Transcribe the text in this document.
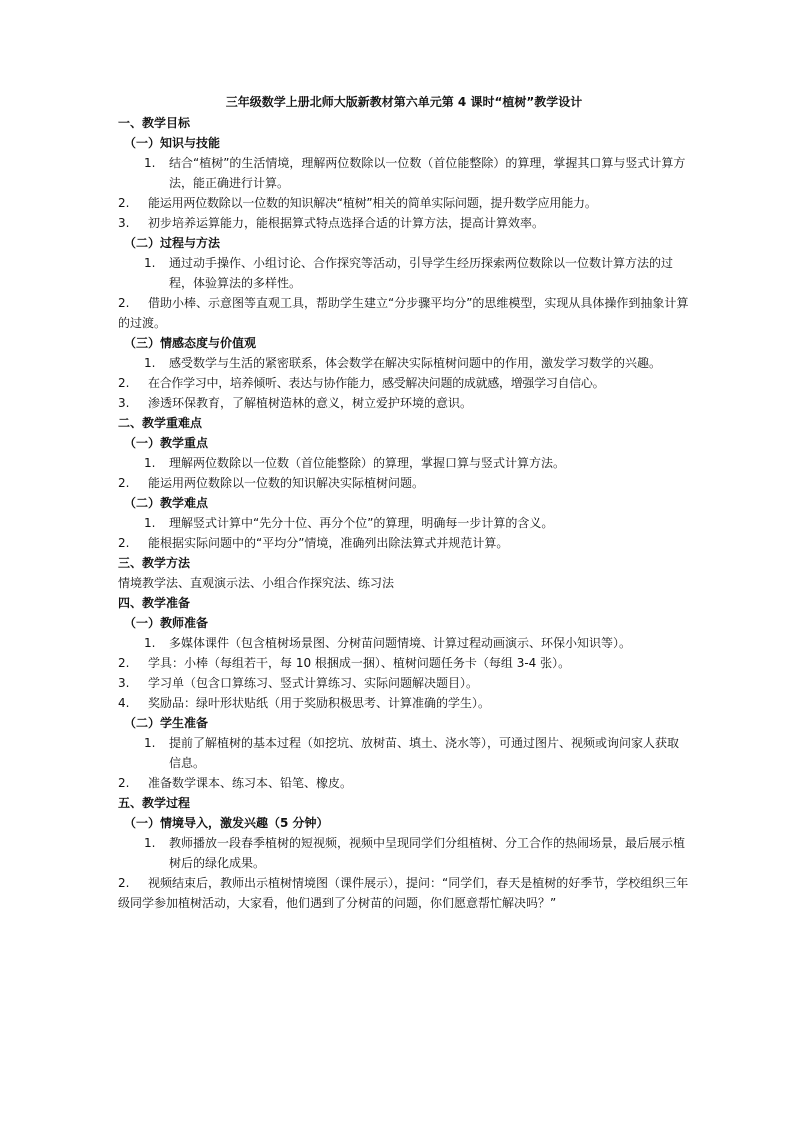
三年级数学上册北师大版新教材第六单元第 4 课时“植树”教学设计
一、教学目标
（一）知识与技能
1.	结合“植树”的生活情境，理解两位数除以一位数（首位能整除）的算理，掌握其口算与竖式计算方法，能正确进行计算。
2.	能运用两位数除以一位数的知识解决“植树”相关的简单实际问题，提升数学应用能力。
3.	初步培养运算能力，能根据算式特点选择合适的计算方法，提高计算效率。
（二）过程与方法
1.	通过动手操作、小组讨论、合作探究等活动，引导学生经历探索两位数除以一位数计算方法的过程，体验算法的多样性。
2. 借助小棒、示意图等直观工具，帮助学生建立“分步骤平均分”的思维模型，实现从具体操作到抽象计算的过渡。
（三）情感态度与价值观
1.	感受数学与生活的紧密联系，体会数学在解决实际植树问题中的作用，激发学习数学的兴趣。
2.	在合作学习中，培养倾听、表达与协作能力，感受解决问题的成就感，增强学习自信心。
3.	渗透环保教育，了解植树造林的意义，树立爱护环境的意识。
二、教学重难点
（一）教学重点
1.	理解两位数除以一位数（首位能整除）的算理，掌握口算与竖式计算方法。
2.	能运用两位数除以一位数的知识解决实际植树问题。
（二）教学难点
1.	理解竖式计算中“先分十位、再分个位”的算理，明确每一步计算的含义。
2.	能根据实际问题中的“平均分”情境，准确列出除法算式并规范计算。
三、教学方法
情境教学法、直观演示法、小组合作探究法、练习法
四、教学准备
（一）教师准备
1.	多媒体课件（包含植树场景图、分树苗问题情境、计算过程动画演示、环保小知识等）。
2.	学具：小棒（每组若干，每 10 根捆成一捆）、植树问题任务卡（每组 3-4 张）。
3.	学习单（包含口算练习、竖式计算练习、实际问题解决题目）。
4.	奖励品：绿叶形状贴纸（用于奖励积极思考、计算准确的学生）。
（二）学生准备
1.	提前了解植树的基本过程（如挖坑、放树苗、填土、浇水等），可通过图片、视频或询问家人获取信息。
2.	准备数学课本、练习本、铅笔、橡皮。
五、教学过程
（一）情境导入，激发兴趣（5 分钟）
1.	教师播放一段春季植树的短视频，视频中呈现同学们分组植树、分工合作的热闹场景，最后展示植树后的绿化成果。
2. 视频结束后，教师出示植树情境图（课件展示），提问：“同学们，春天是植树的好季节，学校组织三年级同学参加植树活动，大家看，他们遇到了分树苗的问题，你们愿意帮忙解决吗？”
